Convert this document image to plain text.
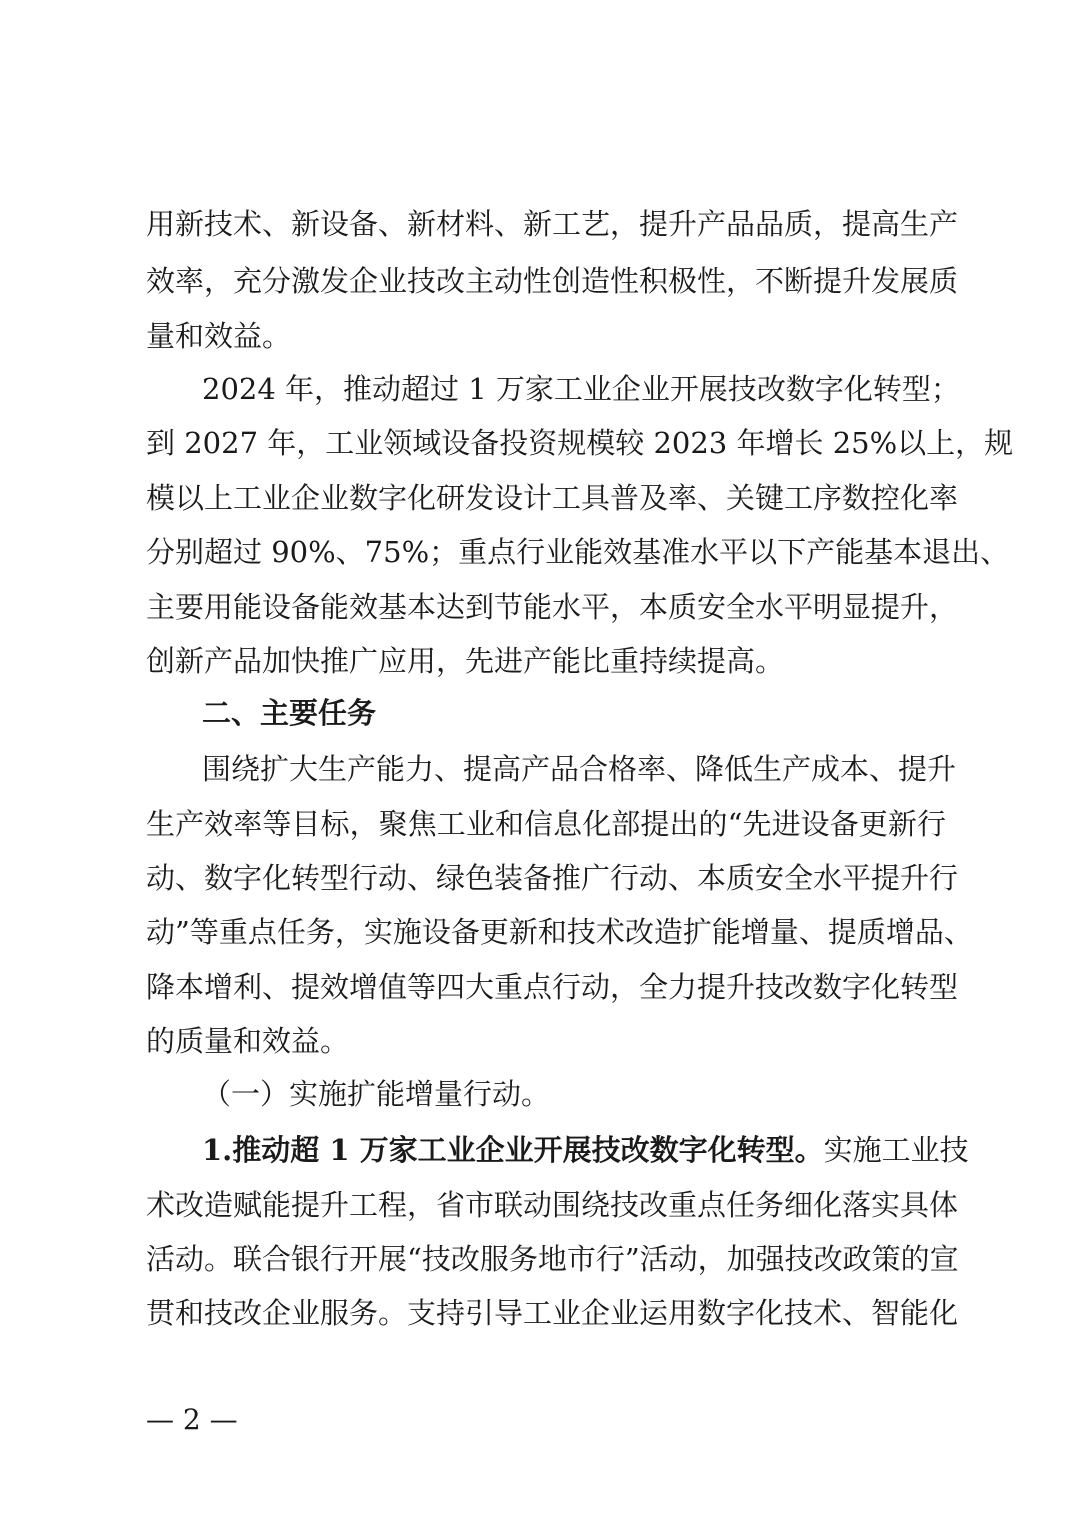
用新技术、新设备、新材料、新工艺，提升产品品质，提高生产
效率，充分激发企业技改主动性创造性积极性，不断提升发展质
量和效益。
2024 年，推动超过 1 万家工业企业开展技改数字化转型；
到 2027 年，工业领域设备投资规模较 2023 年增长 25%以上，规
模以上工业企业数字化研发设计工具普及率、关键工序数控化率
分别超过 90%、75%；重点行业能效基准水平以下产能基本退出、
主要用能设备能效基本达到节能水平，本质安全水平明显提升，
创新产品加快推广应用，先进产能比重持续提高。
二、主要任务
围绕扩大生产能力、提高产品合格率、降低生产成本、提升
生产效率等目标，聚焦工业和信息化部提出的“先进设备更新行
动、数字化转型行动、绿色装备推广行动、本质安全水平提升行
动”等重点任务，实施设备更新和技术改造扩能增量、提质增品、
降本增利、提效增值等四大重点行动，全力提升技改数字化转型
的质量和效益。
（一）实施扩能增量行动。
1.推动超 1 万家工业企业开展技改数字化转型。实施工业技
术改造赋能提升工程，省市联动围绕技改重点任务细化落实具体
活动。联合银行开展“技改服务地市行”活动，加强技改政策的宣
贯和技改企业服务。支持引导工业企业运用数字化技术、智能化
— 2 —
